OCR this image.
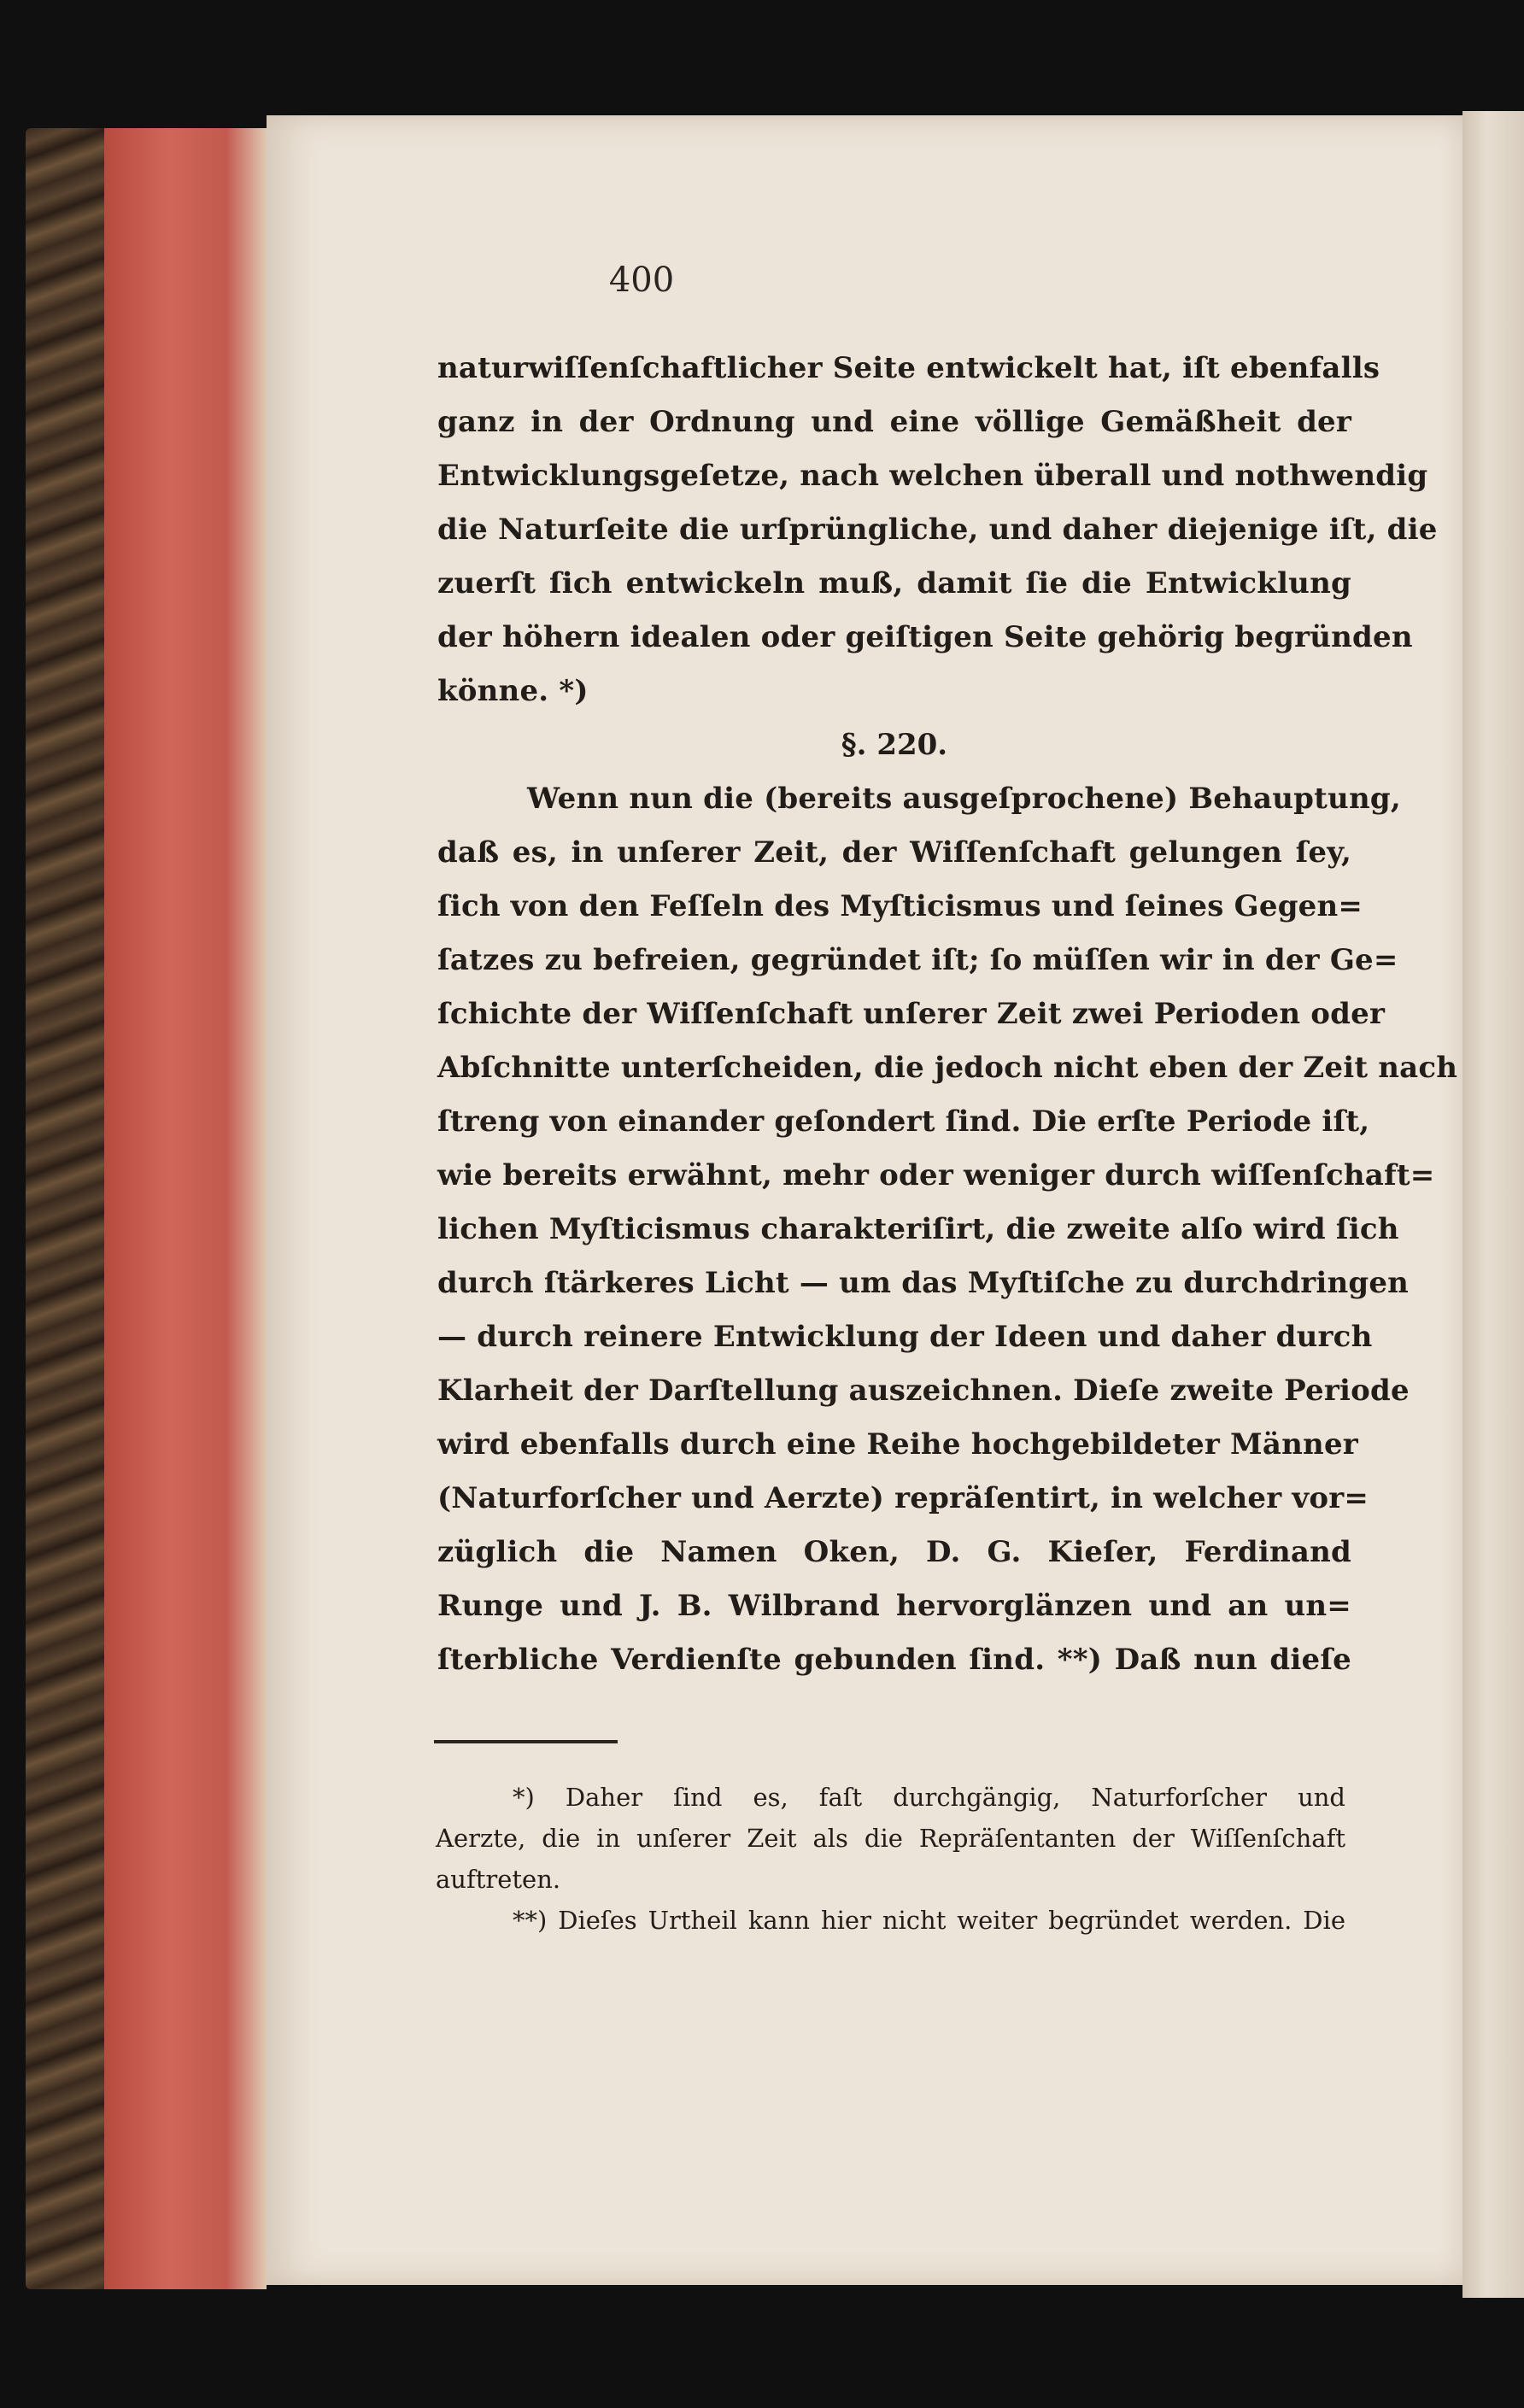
400
naturwiſſenſchaftlicher Seite entwickelt hat, iſt ebenfalls
ganz in der Ordnung und eine völlige Gemäßheit der
Entwicklungsgeſetze, nach welchen überall und nothwendig
die Naturſeite die urſprüngliche, und daher diejenige iſt, die
zuerſt ſich entwickeln muß, damit ſie die Entwicklung
der höhern idealen oder geiſtigen Seite gehörig begründen
könne. *)
§. 220.
Wenn nun die (bereits ausgeſprochene) Behauptung,
daß es, in unſerer Zeit, der Wiſſenſchaft gelungen ſey,
ſich von den Feſſeln des Myſticismus und ſeines Gegen=
ſatzes zu befreien, gegründet iſt; ſo müſſen wir in der Ge=
ſchichte der Wiſſenſchaft unſerer Zeit zwei Perioden oder
Abſchnitte unterſcheiden, die jedoch nicht eben der Zeit nach
ſtreng von einander geſondert ſind. Die erſte Periode iſt,
wie bereits erwähnt, mehr oder weniger durch wiſſenſchaft=
lichen Myſticismus charakteriſirt, die zweite alſo wird ſich
durch ſtärkeres Licht — um das Myſtiſche zu durchdringen
— durch reinere Entwicklung der Ideen und daher durch
Klarheit der Darſtellung auszeichnen. Dieſe zweite Periode
wird ebenfalls durch eine Reihe hochgebildeter Männer
(Naturforſcher und Aerzte) repräſentirt, in welcher vor=
züglich die Namen Oken, D. G. Kieſer, Ferdinand
Runge und J. B. Wilbrand hervorglänzen und an un=
ſterbliche Verdienſte gebunden ſind. **) Daß nun dieſe
*) Daher ſind es, faſt durchgängig, Naturforſcher und
Aerzte, die in unſerer Zeit als die Repräſentanten der Wiſſenſchaft
auftreten.
**) Dieſes Urtheil kann hier nicht weiter begründet werden. Die
